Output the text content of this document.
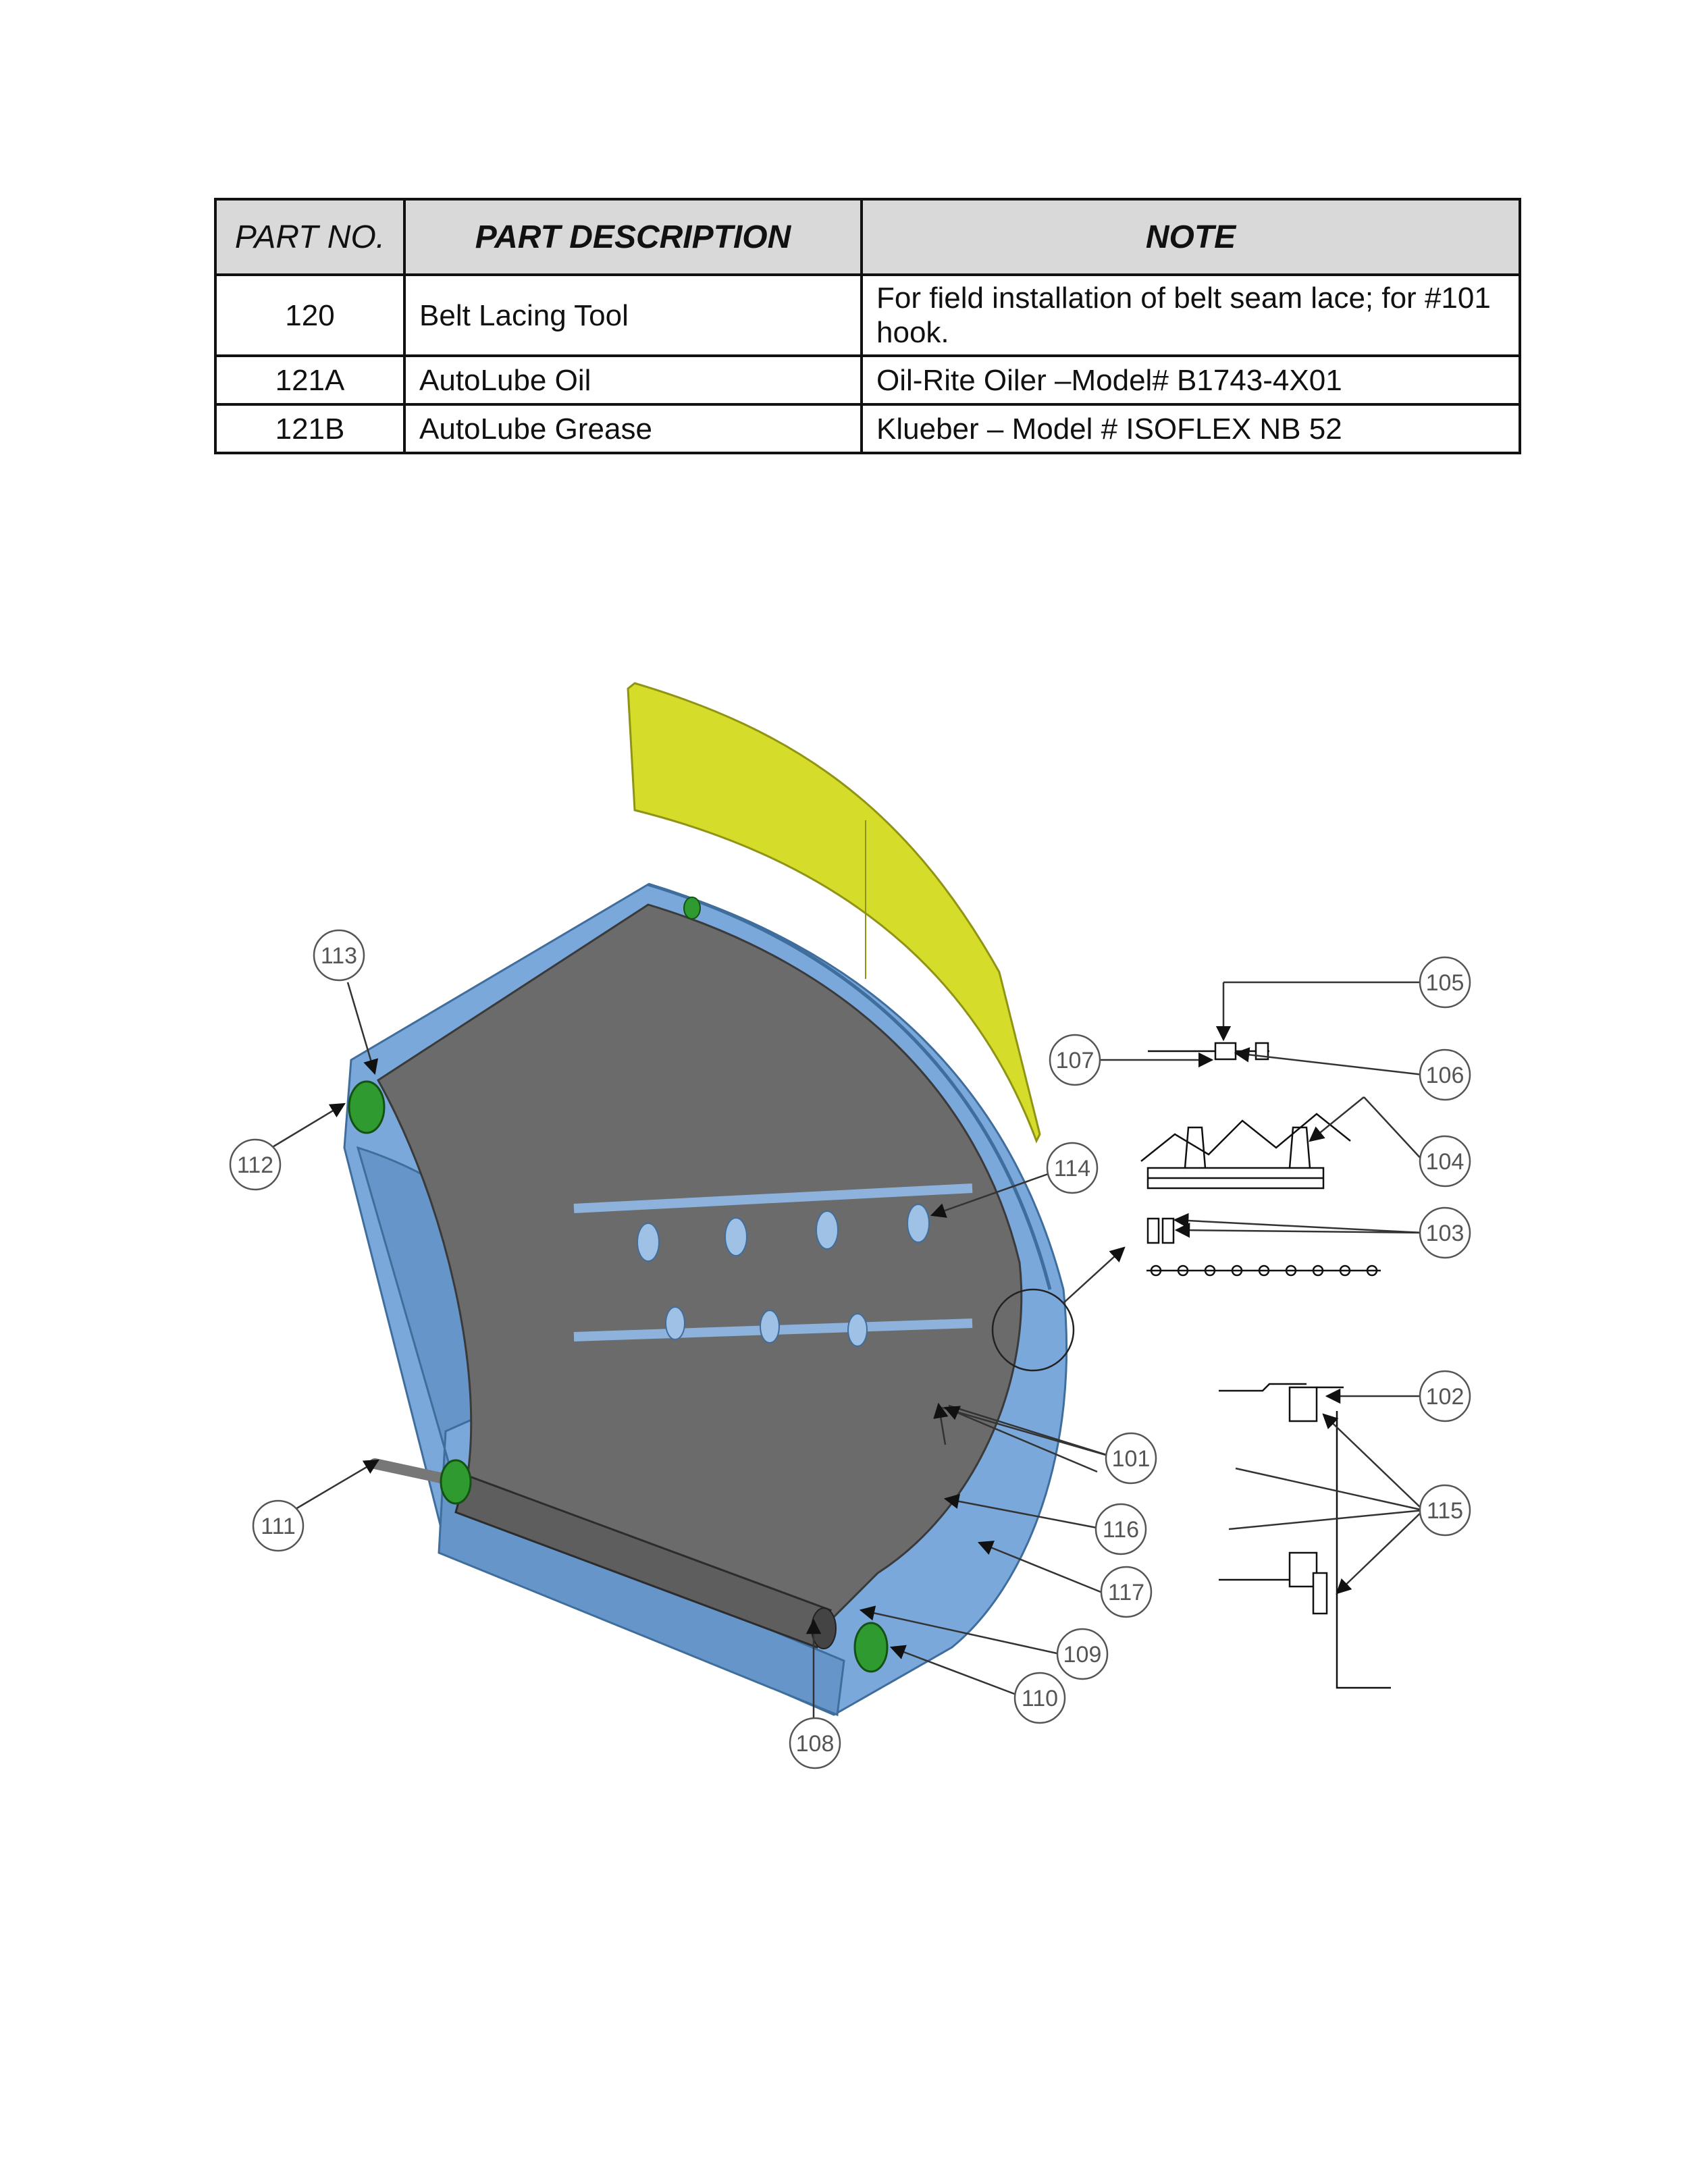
PART NO.	PART DESCRIPTION	NOTE
120	Belt Lacing Tool	For field installation of belt seam lace; for #101 hook.
121A	AutoLube Oil	Oil-Rite Oiler –Model# B1743-4X01
121B	AutoLube Grease	Klueber – Model # ISOFLEX NB 52
101
102
103
104
105
106
107
108
109
110
111
112
113
114
115
116
117
